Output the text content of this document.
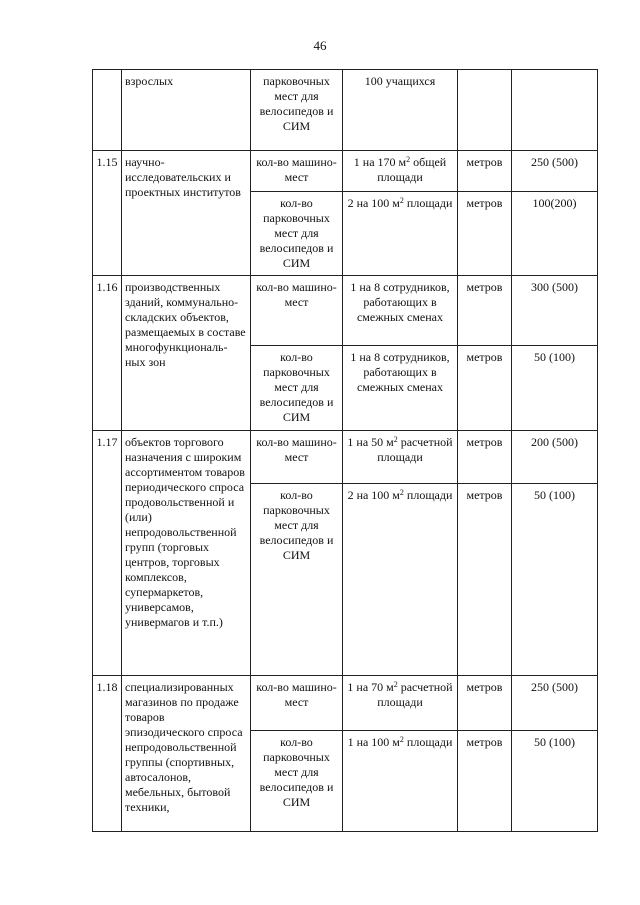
46
	взрослых	парковочных мест для велосипедов и СИМ	100 учащихся		
1.15	научно-исследовательских и проектных институтов	кол-во машино-мест	1 на 170 $м^2$ общей площади	метров	250 (500)
		кол-во парковочных мест для велосипедов и СИМ	2 на 100 $м^2$ площади	метров	100(200)
1.16	производственных зданий, коммунально-складских объектов, размещаемых в составе многофункциональ-ных зон	кол-во машино-мест	1 на 8 сотрудников, работающих в смежных сменах	метров	300 (500)
		кол-во парковочных мест для велосипедов и СИМ	1 на 8 сотрудников, работающих в смежных сменах	метров	50 (100)
1.17	объектов торгового назначения с широким ассортиментом товаров периодического спроса продовольственной и (или) непродовольственной групп (торговых центров, торговых комплексов, супермаркетов, универсамов, универмагов и т.п.)	кол-во машино-мест	1 на 50 $м^2$ расчетной площади	метров	200 (500)
		кол-во парковочных мест для велосипедов и СИМ	2 на 100 $м^2$ площади	метров	50 (100)
1.18	специализированных магазинов по продаже товаров эпизодического спроса непродовольственной группы (спортивных, автосалонов, мебельных, бытовой техники,	кол-во машино-мест	1 на 70 $м^2$ расчетной площади	метров	250 (500)
		кол-во парковочных мест для велосипедов и СИМ	1 на 100 $м^2$ площади	метров	50 (100)
